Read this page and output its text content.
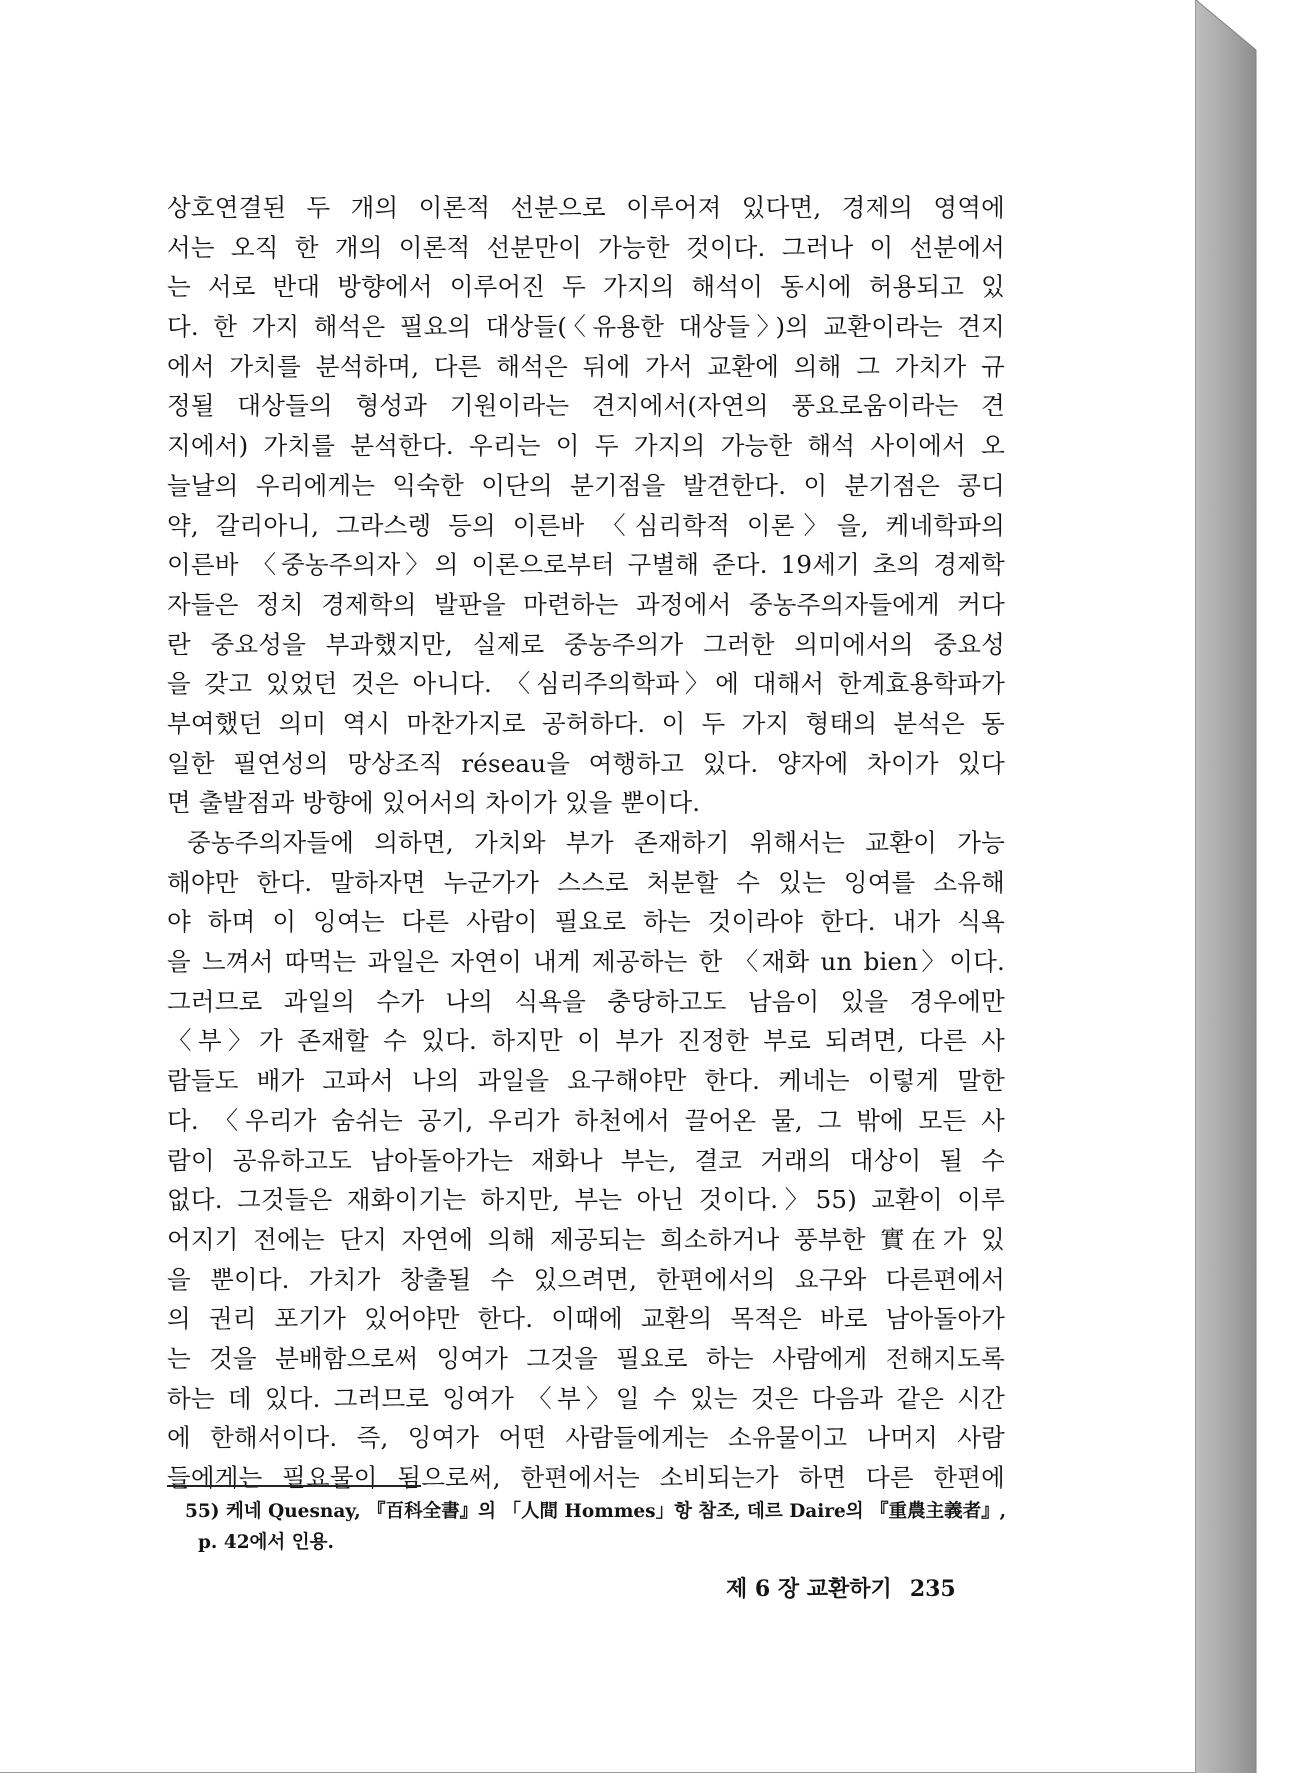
상호연결된 두 개의 이론적 선분으로 이루어져 있다면, 경제의 영역에
서는 오직 한 개의 이론적 선분만이 가능한 것이다. 그러나 이 선분에서
는 서로 반대 방향에서 이루어진 두 가지의 해석이 동시에 허용되고 있
다. 한 가지 해석은 필요의 대상들(〈유용한 대상들〉)의 교환이라는 견지
에서 가치를 분석하며, 다른 해석은 뒤에 가서 교환에 의해 그 가치가 규
정될 대상들의 형성과 기원이라는 견지에서(자연의 풍요로움이라는 견
지에서) 가치를 분석한다. 우리는 이 두 가지의 가능한 해석 사이에서 오
늘날의 우리에게는 익숙한 이단의 분기점을 발견한다. 이 분기점은 콩디
약, 갈리아니, 그라스렝 등의 이른바 〈심리학적 이론〉을, 케네학파의
이른바 〈중농주의자〉의 이론으로부터 구별해 준다. 19세기 초의 경제학
자들은 정치 경제학의 발판을 마련하는 과정에서 중농주의자들에게 커다
란 중요성을 부과했지만, 실제로 중농주의가 그러한 의미에서의 중요성
을 갖고 있었던 것은 아니다. 〈심리주의학파〉에 대해서 한계효용학파가
부여했던 의미 역시 마찬가지로 공허하다. 이 두 가지 형태의 분석은 동
일한 필연성의 망상조직 réseau을 여행하고 있다. 양자에 차이가 있다
면 출발점과 방향에 있어서의 차이가 있을 뿐이다.
중농주의자들에 의하면, 가치와 부가 존재하기 위해서는 교환이 가능
해야만 한다. 말하자면 누군가가 스스로 처분할 수 있는 잉여를 소유해
야 하며 이 잉여는 다른 사람이 필요로 하는 것이라야 한다. 내가 식욕
을 느껴서 따먹는 과일은 자연이 내게 제공하는 한 〈재화 un bien〉이다.
그러므로 과일의 수가 나의 식욕을 충당하고도 남음이 있을 경우에만
〈부〉가 존재할 수 있다. 하지만 이 부가 진정한 부로 되려면, 다른 사
람들도 배가 고파서 나의 과일을 요구해야만 한다. 케네는 이렇게 말한
다. 〈우리가 숨쉬는 공기, 우리가 하천에서 끌어온 물, 그 밖에 모든 사
람이 공유하고도 남아돌아가는 재화나 부는, 결코 거래의 대상이 될 수
없다. 그것들은 재화이기는 하지만, 부는 아닌 것이다.〉55) 교환이 이루
어지기 전에는 단지 자연에 의해 제공되는 희소하거나 풍부한 實在가 있
을 뿐이다. 가치가 창출될 수 있으려면, 한편에서의 요구와 다른편에서
의 권리 포기가 있어야만 한다. 이때에 교환의 목적은 바로 남아돌아가
는 것을 분배함으로써 잉여가 그것을 필요로 하는 사람에게 전해지도록
하는 데 있다. 그러므로 잉여가 〈부〉일 수 있는 것은 다음과 같은 시간
에 한해서이다. 즉, 잉여가 어떤 사람들에게는 소유물이고 나머지 사람
들에게는 필요물이 됨으로써, 한편에서는 소비되는가 하면 다른 한편에
55) 케네 Quesnay, 『百科全書』의 「人間 Hommes」항 참조, 데르 Daire의 『重農主義者』,
p. 42에서 인용.
제 6 장 교환하기 235
